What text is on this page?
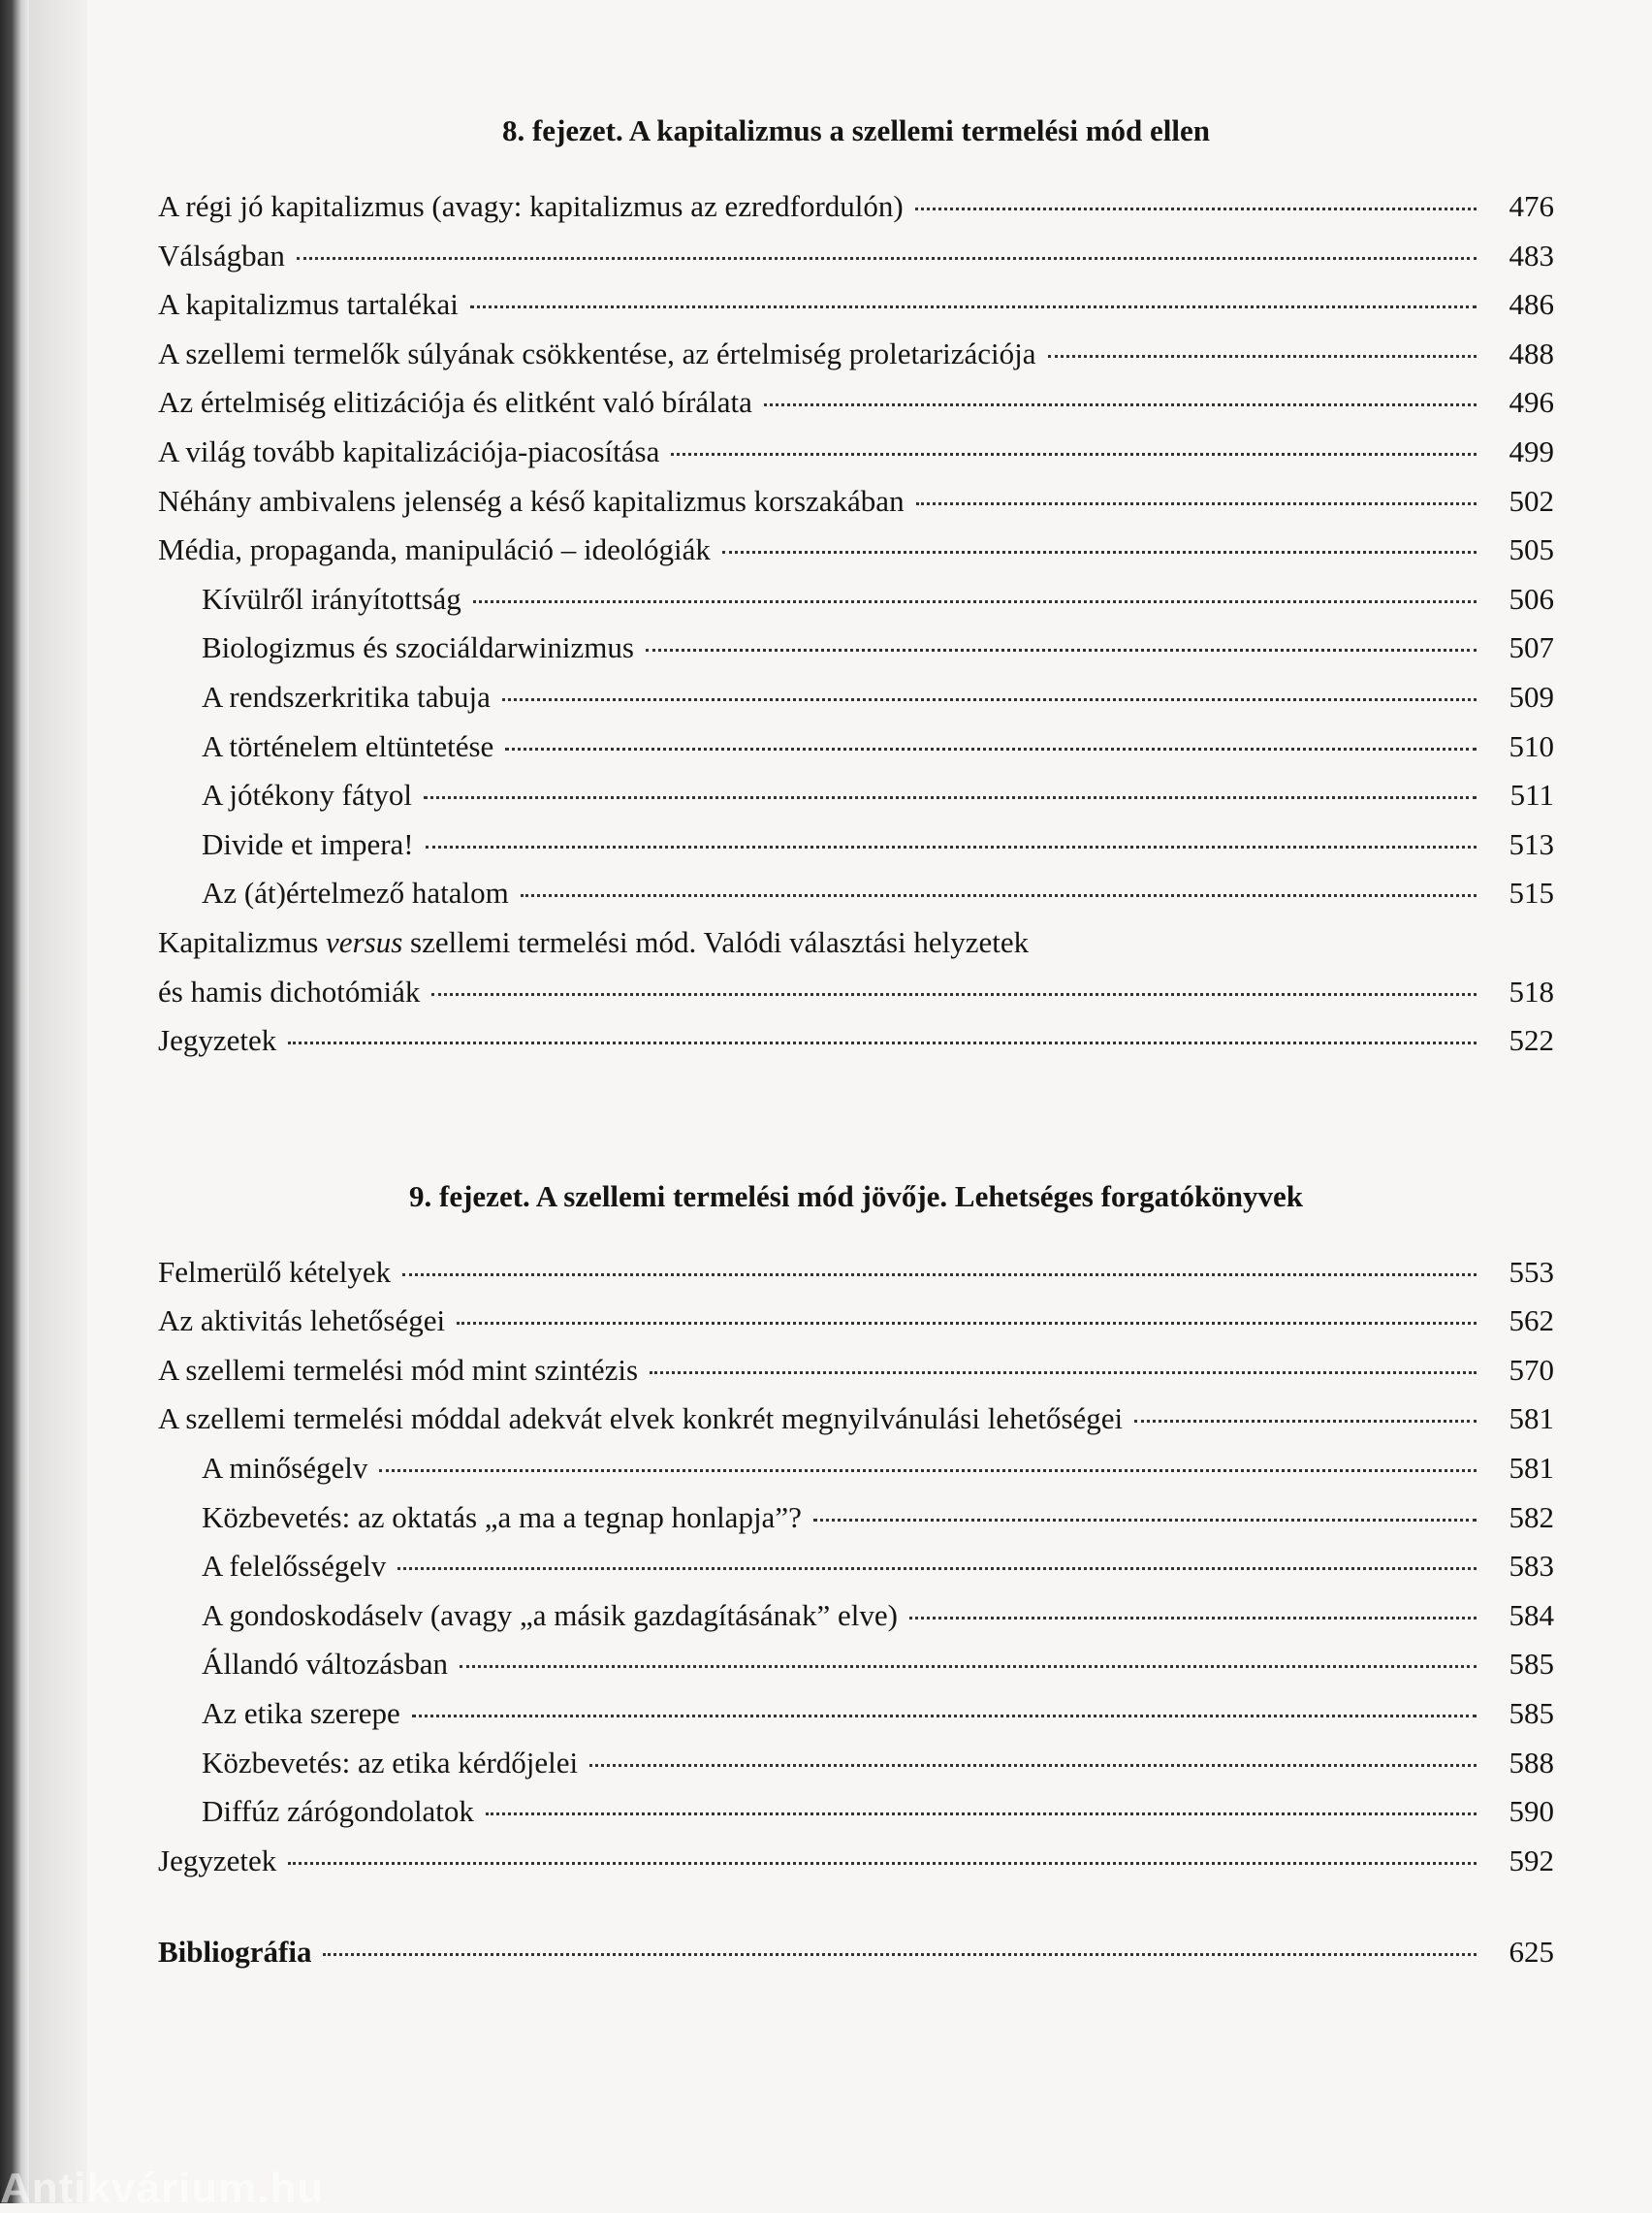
8. fejezet. A kapitalizmus a szellemi termelési mód ellen
A régi jó kapitalizmus (avagy: kapitalizmus az ezredfordulón)	476
Válságban	483
A kapitalizmus tartalékai	486
A szellemi termelők súlyának csökkentése, az értelmiség proletarizációja	488
Az értelmiség elitizációja és elitként való bírálata	496
A világ tovább kapitalizációja-piacosítása	499
Néhány ambivalens jelenség a késő kapitalizmus korszakában	502
Média, propaganda, manipuláció – ideológiák	505
Kívülről irányítottság	506
Biologizmus és szociáldarwinizmus	507
A rendszerkritika tabuja	509
A történelem eltüntetése	510
A jótékony fátyol	511
Divide et impera!	513
Az (át)értelmező hatalom	515
Kapitalizmus versus szellemi termelési mód. Valódi választási helyzetek
és hamis dichotómiák	518
Jegyzetek	522
9. fejezet. A szellemi termelési mód jövője. Lehetséges forgatókönyvek
Felmerülő kételyek	553
Az aktivitás lehetőségei	562
A szellemi termelési mód mint szintézis	570
A szellemi termelési móddal adekvát elvek konkrét megnyilvánulási lehetőségei	581
A minőségelv	581
Közbevetés: az oktatás „a ma a tegnap honlapja”?	582
A felelősségelv	583
A gondoskodáselv (avagy „a másik gazdagításának” elve)	584
Állandó változásban	585
Az etika szerepe	585
Közbevetés: az etika kérdőjelei	588
Diffúz zárógondolatok	590
Jegyzetek	592
Bibliográfia	625
Antikvárium.hu
